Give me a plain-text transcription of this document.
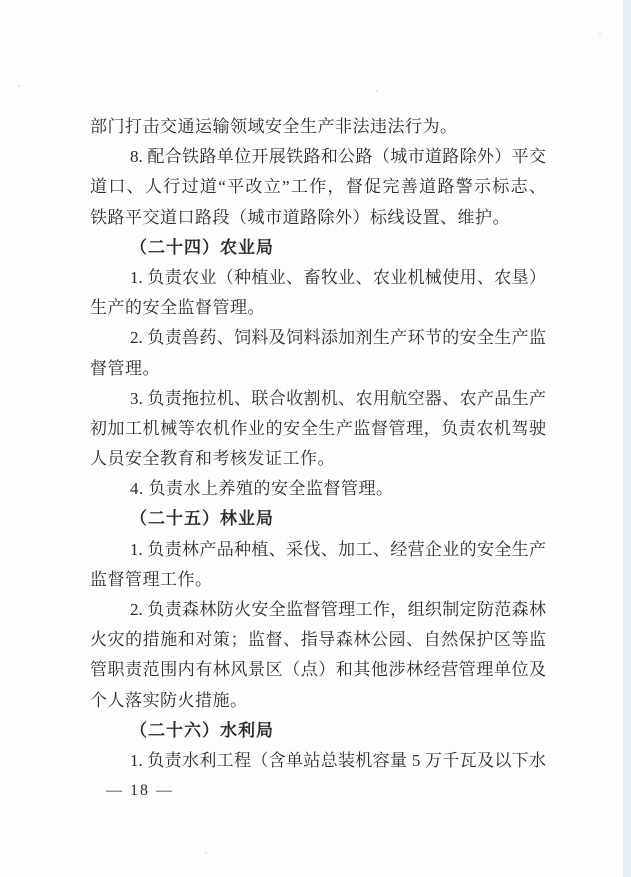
部门打击交通运输领域安全生产非法违法行为。
8. 配合铁路单位开展铁路和公路（城市道路除外）平交
道口、人行过道“平改立”工作，督促完善道路警示标志、
铁路平交道口路段（城市道路除外）标线设置、维护。
（二十四）农业局
1. 负责农业（种植业、畜牧业、农业机械使用、农垦）
生产的安全监督管理。
2. 负责兽药、饲料及饲料添加剂生产环节的安全生产监
督管理。
3. 负责拖拉机、联合收割机、农用航空器、农产品生产
初加工机械等农机作业的安全生产监督管理，负责农机驾驶
人员安全教育和考核发证工作。
4. 负责水上养殖的安全监督管理。
（二十五）林业局
1. 负责林产品种植、采伐、加工、经营企业的安全生产
监督管理工作。
2. 负责森林防火安全监督管理工作，组织制定防范森林
火灾的措施和对策；监督、指导森林公园、自然保护区等监
管职责范围内有林风景区（点）和其他涉林经营管理单位及
个人落实防火措施。
（二十六）水利局
1. 负责水利工程（含单站总装机容量 5 万千瓦及以下水
— 18 —
